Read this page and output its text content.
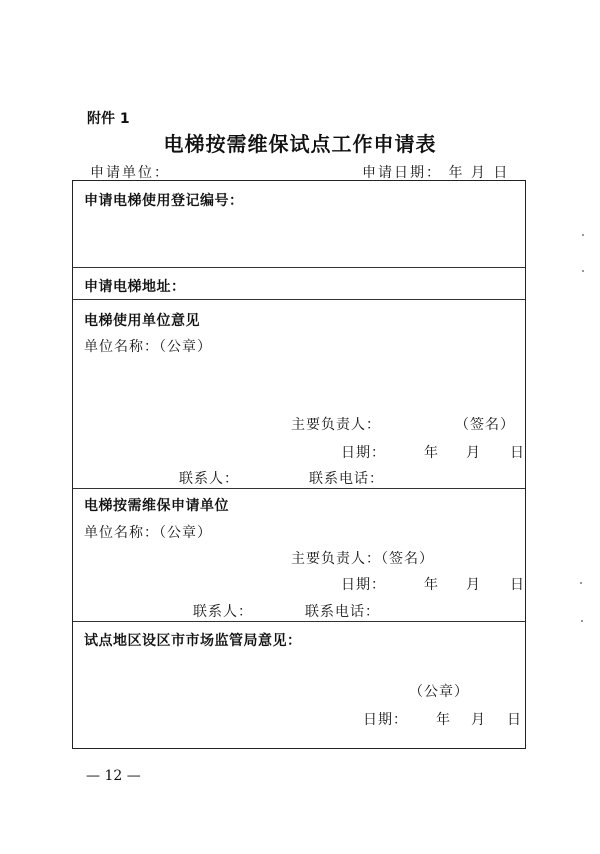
附件 1
电梯按需维保试点工作申请表
申请单位：	申请日期： 年 月 日
申请电梯使用登记编号：
申请电梯地址：
电梯使用单位意见
单位名称：（公章）
主要负责人：	（签名）
日期：	年 月 日
联系人：	联系电话：
电梯按需维保申请单位
单位名称：（公章）
主要负责人：（签名）
日期：	年 月 日
联系人：	联系电话：
试点地区设区市市场监管局意见：
（公章）
日期： 年 月 日
— 12 —
